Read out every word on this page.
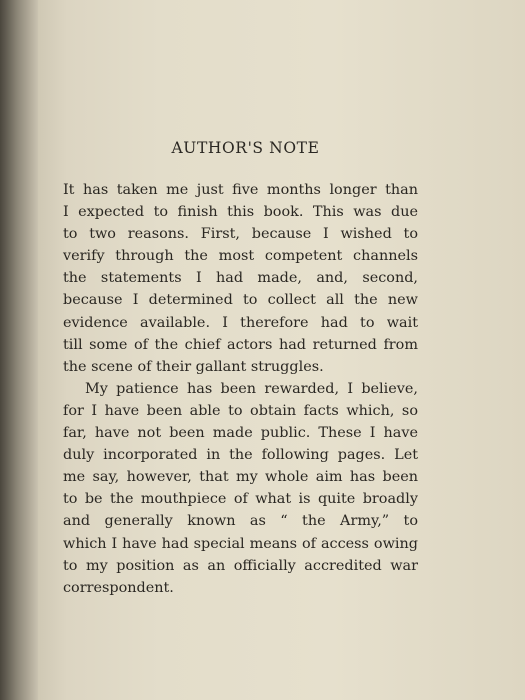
AUTHOR'S NOTE
It has taken me just five months longer than
I expected to finish this book. This was due
to two reasons. First, because I wished to
verify through the most competent channels
the statements I had made, and, second,
because I determined to collect all the new
evidence available. I therefore had to wait
till some of the chief actors had returned from
the scene of their gallant struggles.
My patience has been rewarded, I believe,
for I have been able to obtain facts which, so
far, have not been made public. These I have
duly incorporated in the following pages. Let
me say, however, that my whole aim has been
to be the mouthpiece of what is quite broadly
and generally known as “ the Army,” to
which I have had special means of access owing
to my position as an officially accredited war
correspondent.
